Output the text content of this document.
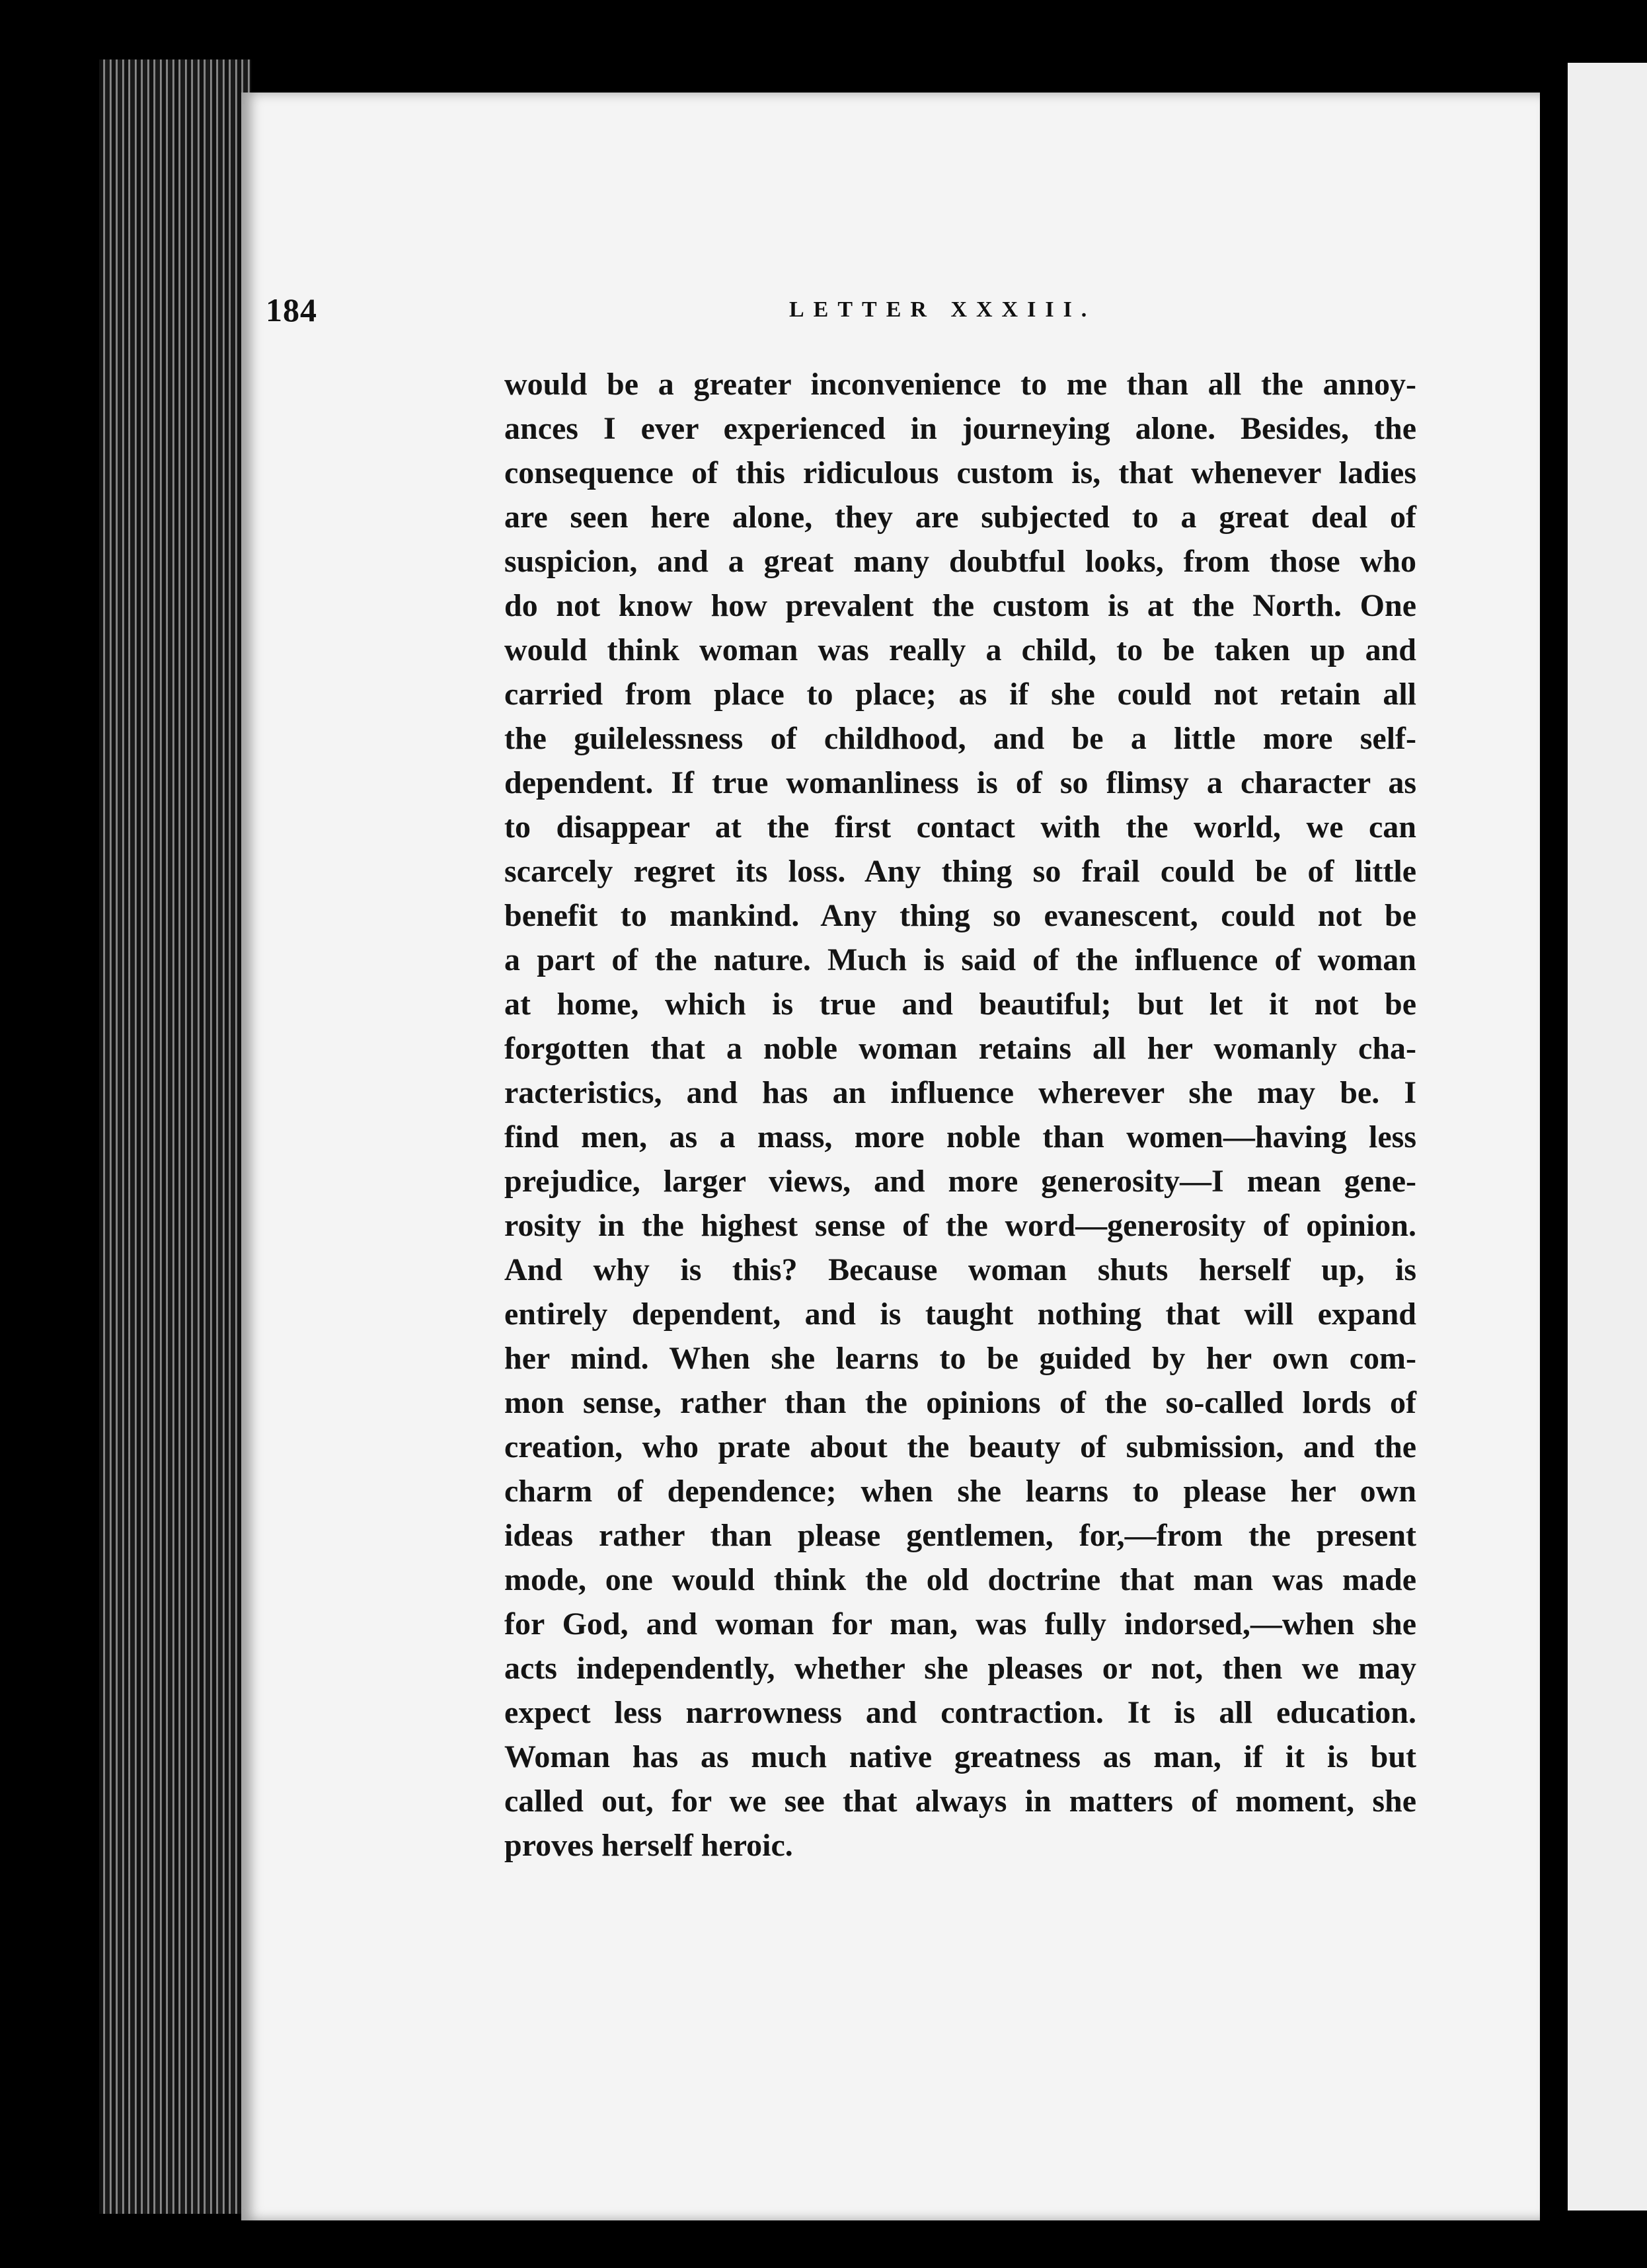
184	LETTER XXXIII.
would be a greater inconvenience to me than all the annoy-
ances I ever experienced in journeying alone. Besides, the
consequence of this ridiculous custom is, that whenever ladies
are seen here alone, they are subjected to a great deal of
suspicion, and a great many doubtful looks, from those who
do not know how prevalent the custom is at the North. One
would think woman was really a child, to be taken up and
carried from place to place; as if she could not retain all
the guilelessness of childhood, and be a little more self-
dependent. If true womanliness is of so flimsy a character as
to disappear at the first contact with the world, we can
scarcely regret its loss. Any thing so frail could be of little
benefit to mankind. Any thing so evanescent, could not be
a part of the nature. Much is said of the influence of woman
at home, which is true and beautiful; but let it not be
forgotten that a noble woman retains all her womanly cha-
racteristics, and has an influence wherever she may be. I
find men, as a mass, more noble than women—having less
prejudice, larger views, and more generosity—I mean gene-
rosity in the highest sense of the word—generosity of opinion.
And why is this? Because woman shuts herself up, is
entirely dependent, and is taught nothing that will expand
her mind. When she learns to be guided by her own com-
mon sense, rather than the opinions of the so-called lords of
creation, who prate about the beauty of submission, and the
charm of dependence; when she learns to please her own
ideas rather than please gentlemen, for,—from the present
mode, one would think the old doctrine that man was made
for God, and woman for man, was fully indorsed,—when she
acts independently, whether she pleases or not, then we may
expect less narrowness and contraction. It is all education.
Woman has as much native greatness as man, if it is but
called out, for we see that always in matters of moment, she
proves herself heroic.
